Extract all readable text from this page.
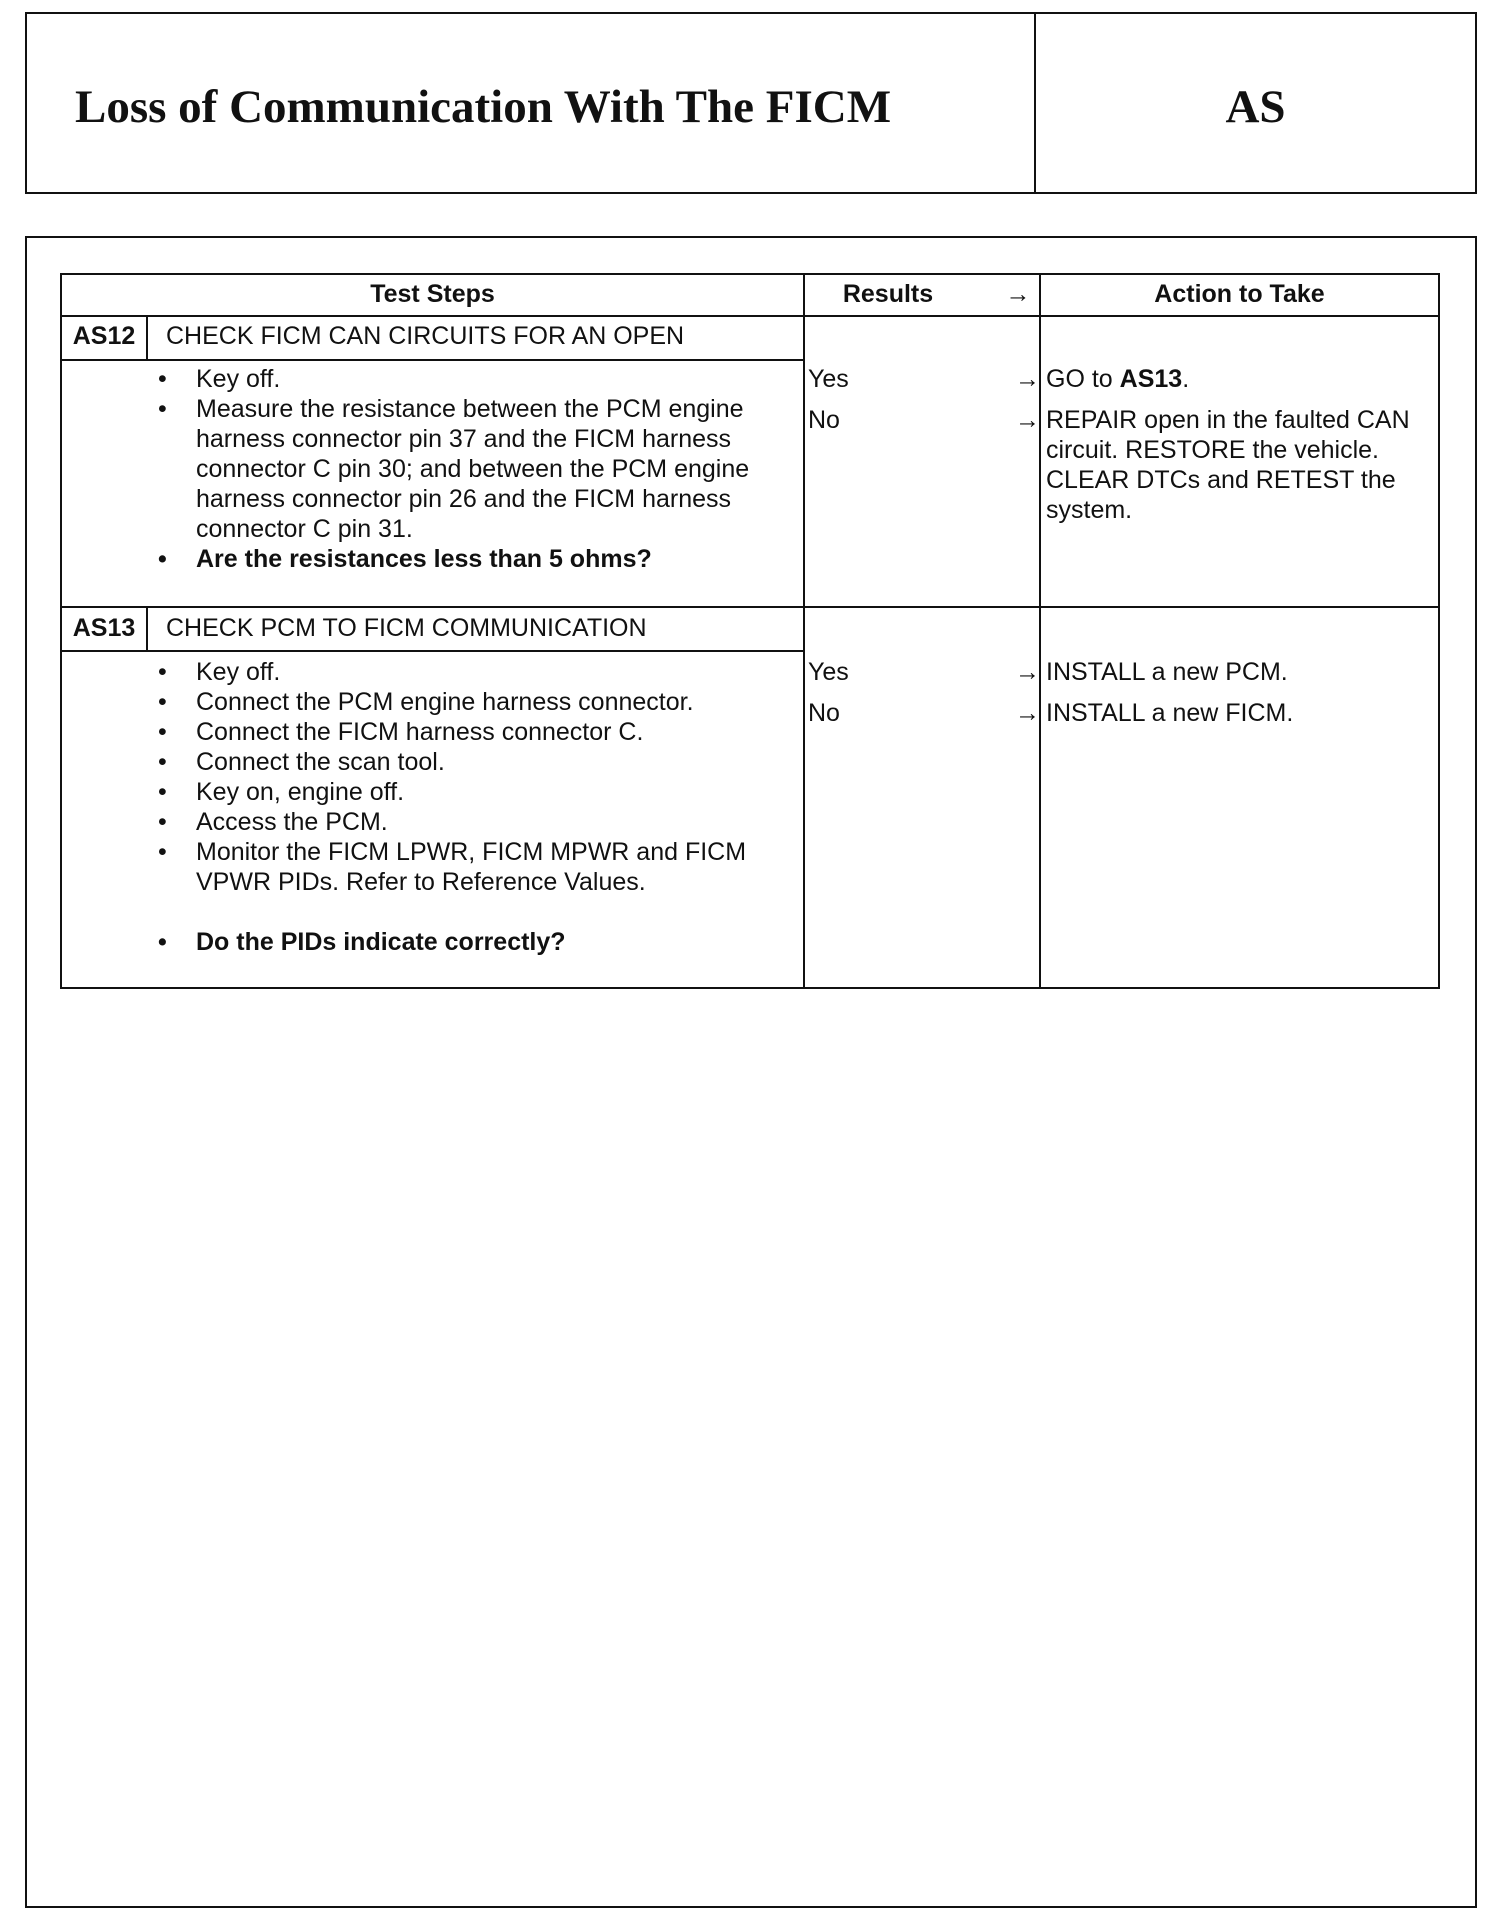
Loss of Communication With The FICM	AS
Test Steps	Results	→	Action to Take
AS12	CHECK FICM CAN CIRCUITS FOR AN OPEN
• Key off.
• Measure the resistance between the PCM engine harness connector pin 37 and the FICM harness connector C pin 30; and between the PCM engine harness connector pin 26 and the FICM harness connector C pin 31.
• Are the resistances less than 5 ohms?
Yes	→ GO to AS13.
No	→ REPAIR open in the faulted CAN circuit. RESTORE the vehicle. CLEAR DTCs and RETEST the system.
AS13	CHECK PCM TO FICM COMMUNICATION
• Key off.
• Connect the PCM engine harness connector.
• Connect the FICM harness connector C.
• Connect the scan tool.
• Key on, engine off.
• Access the PCM.
• Monitor the FICM LPWR, FICM MPWR and FICM VPWR PIDs. Refer to Reference Values.
• Do the PIDs indicate correctly?
Yes	→ INSTALL a new PCM.
No	→ INSTALL a new FICM.
